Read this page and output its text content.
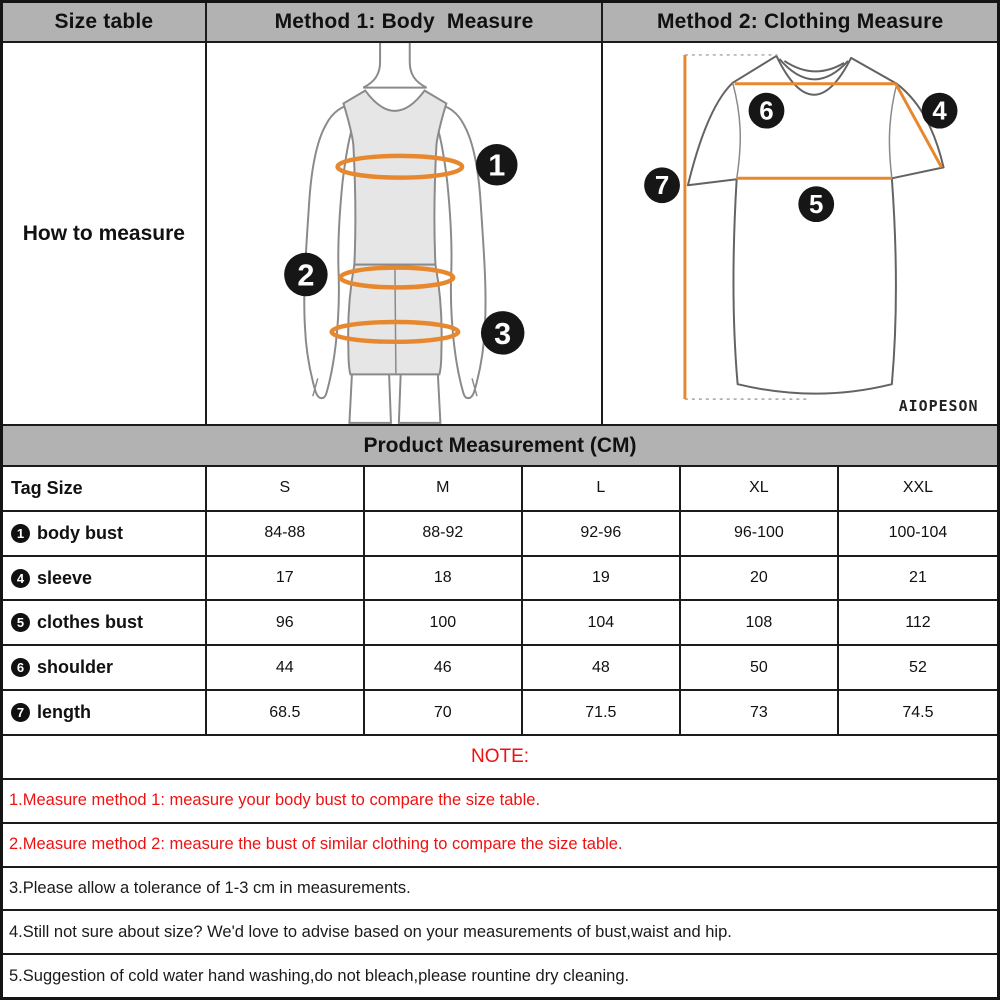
Size table	Method 1: Body  Measure	Method 2: Clothing Measure
How to measure
1
2
3
6	4
7
5
AIOPESON
Product Measurement (CM)
Tag Size	S	M	L	XL	XXL
1 body bust	84-88	88-92	92-96	96-100	100-104
4 sleeve	17	18	19	20	21
5 clothes bust	96	100	104	108	112
6 shoulder	44	46	48	50	52
7 length	68.5	70	71.5	73	74.5
NOTE:
1.Measure method 1: measure your body bust to compare the size table.
2.Measure method 2: measure the bust of similar clothing to compare the size table.
3.Please allow a tolerance of 1-3 cm in measurements.
4.Still not sure about size? We'd love to advise based on your measurements of bust,waist and hip.
5.Suggestion of cold water hand washing,do not bleach,please rountine dry cleaning.
